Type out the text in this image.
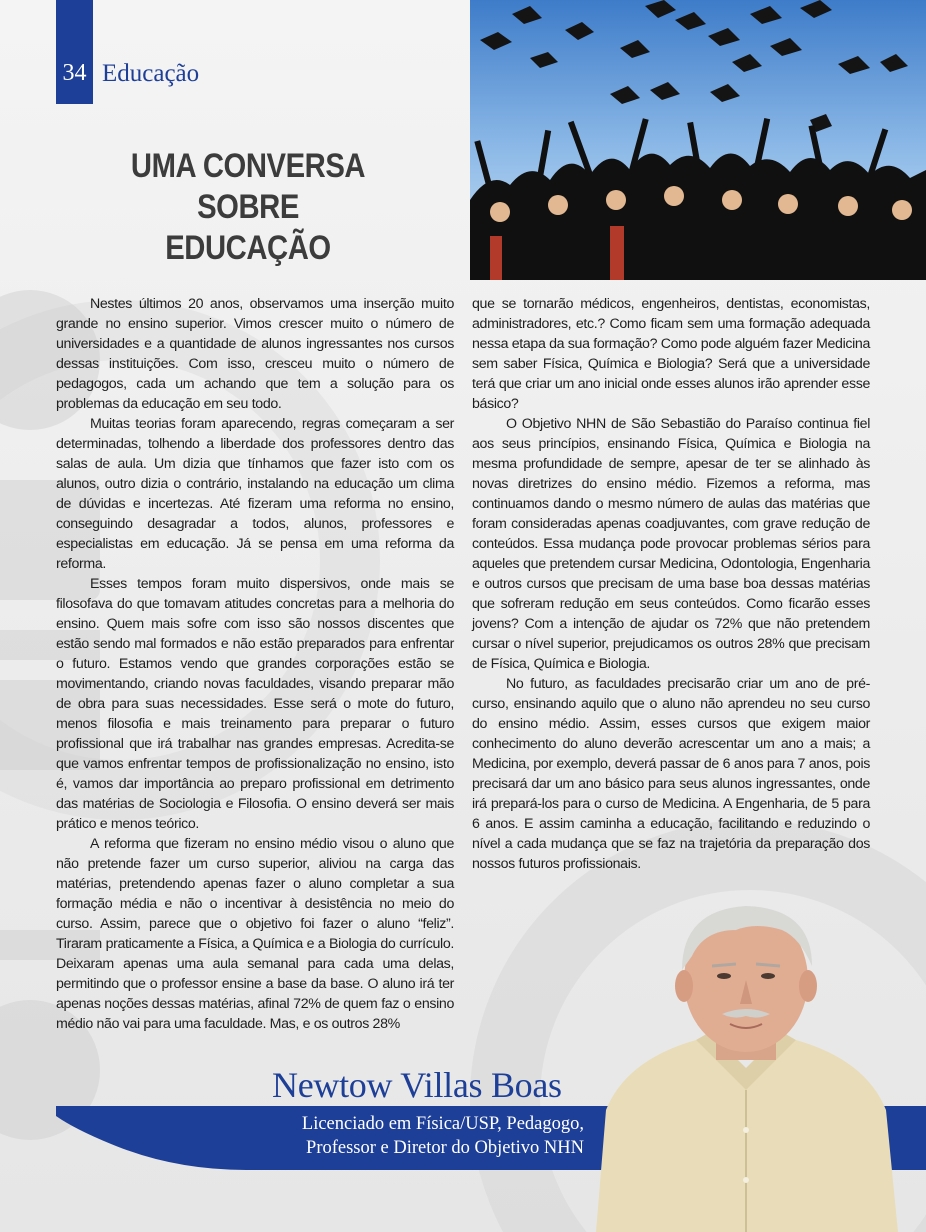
34 Educação
UMA CONVERSA
SOBRE EDUCAÇÃO

Nestes últimos 20 anos, observamos uma inserção muito grande no ensino superior. Vimos crescer muito o número de universidades e a quantidade de alunos ingressantes nos cursos dessas instituições. Com isso, cresceu muito o número de pedagogos, cada um achando que tem a solução para os problemas da educação em seu todo.

Muitas teorias foram aparecendo, regras começaram a ser determinadas, tolhendo a liberdade dos professores dentro das salas de aula. Um dizia que tínhamos que fazer isto com os alunos, outro dizia o contrário, instalando na educação um clima de dúvidas e incertezas. Até fizeram uma reforma no ensino, conseguindo desagradar a todos, alunos, professores e especialistas em educação. Já se pensa em uma reforma da reforma.

Esses tempos foram muito dispersivos, onde mais se filosofava do que tomavam atitudes concretas para a melhoria do ensino. Quem mais sofre com isso são nossos discentes que estão sendo mal formados e não estão preparados para enfrentar o futuro. Estamos vendo que grandes corporações estão se movimentando, criando novas faculdades, visando preparar mão de obra para suas necessidades. Esse será o mote do futuro, menos filosofia e mais treinamento para preparar o futuro profissional que irá trabalhar nas grandes empresas. Acredita-se que vamos enfrentar tempos de profissionalização no ensino, isto é, vamos dar importância ao preparo profissional em detrimento das matérias de Sociologia e Filosofia. O ensino deverá ser mais prático e menos teórico.

A reforma que fizeram no ensino médio visou o aluno que não pretende fazer um curso superior, aliviou na carga das matérias, pretendendo apenas fazer o aluno completar a sua formação média e não o incentivar à desistência no meio do curso. Assim, parece que o objetivo foi fazer o aluno “feliz”. Tiraram praticamente a Física, a Química e a Biologia do currículo. Deixaram apenas uma aula semanal para cada uma delas, permitindo que o professor ensine a base da base. O aluno irá ter apenas noções dessas matérias, afinal 72% de quem faz o ensino médio não vai para uma faculdade. Mas, e os outros 28%

que se tornarão médicos, engenheiros, dentistas, economistas, administradores, etc.? Como ficam sem uma formação adequada nessa etapa da sua formação? Como pode alguém fazer Medicina sem saber Física, Química e Biologia? Será que a universidade terá que criar um ano inicial onde esses alunos irão aprender esse básico?

O Objetivo NHN de São Sebastião do Paraíso continua fiel aos seus princípios, ensinando Física, Química e Biologia na mesma profundidade de sempre, apesar de ter se alinhado às novas diretrizes do ensino médio. Fizemos a reforma, mas continuamos dando o mesmo número de aulas das matérias que foram consideradas apenas coadjuvantes, com grave redução de conteúdos. Essa mudança pode provocar problemas sérios para aqueles que pretendem cursar Medicina, Odontologia, Engenharia e outros cursos que precisam de uma base boa dessas matérias que sofreram redução em seus conteúdos. Como ficarão esses jovens? Com a intenção de ajudar os 72% que não pretendem cursar o nível superior, prejudicamos os outros 28% que precisam de Física, Química e Biologia.

No futuro, as faculdades precisarão criar um ano de pré-curso, ensinando aquilo que o aluno não aprendeu no seu curso do ensino médio. Assim, esses cursos que exigem maior conhecimento do aluno deverão acrescentar um ano a mais; a Medicina, por exemplo, deverá passar de 6 anos para 7 anos, pois precisará dar um ano básico para seus alunos ingressantes, onde irá prepará-los para o curso de Medicina. A Engenharia, de 5 para 6 anos. E assim caminha a educação, facilitando e reduzindo o nível a cada mudança que se faz na trajetória da preparação dos nossos futuros profissionais.

Newtow Villas Boas
Licenciado em Física/USP, Pedagogo,
Professor e Diretor do Objetivo NHN
